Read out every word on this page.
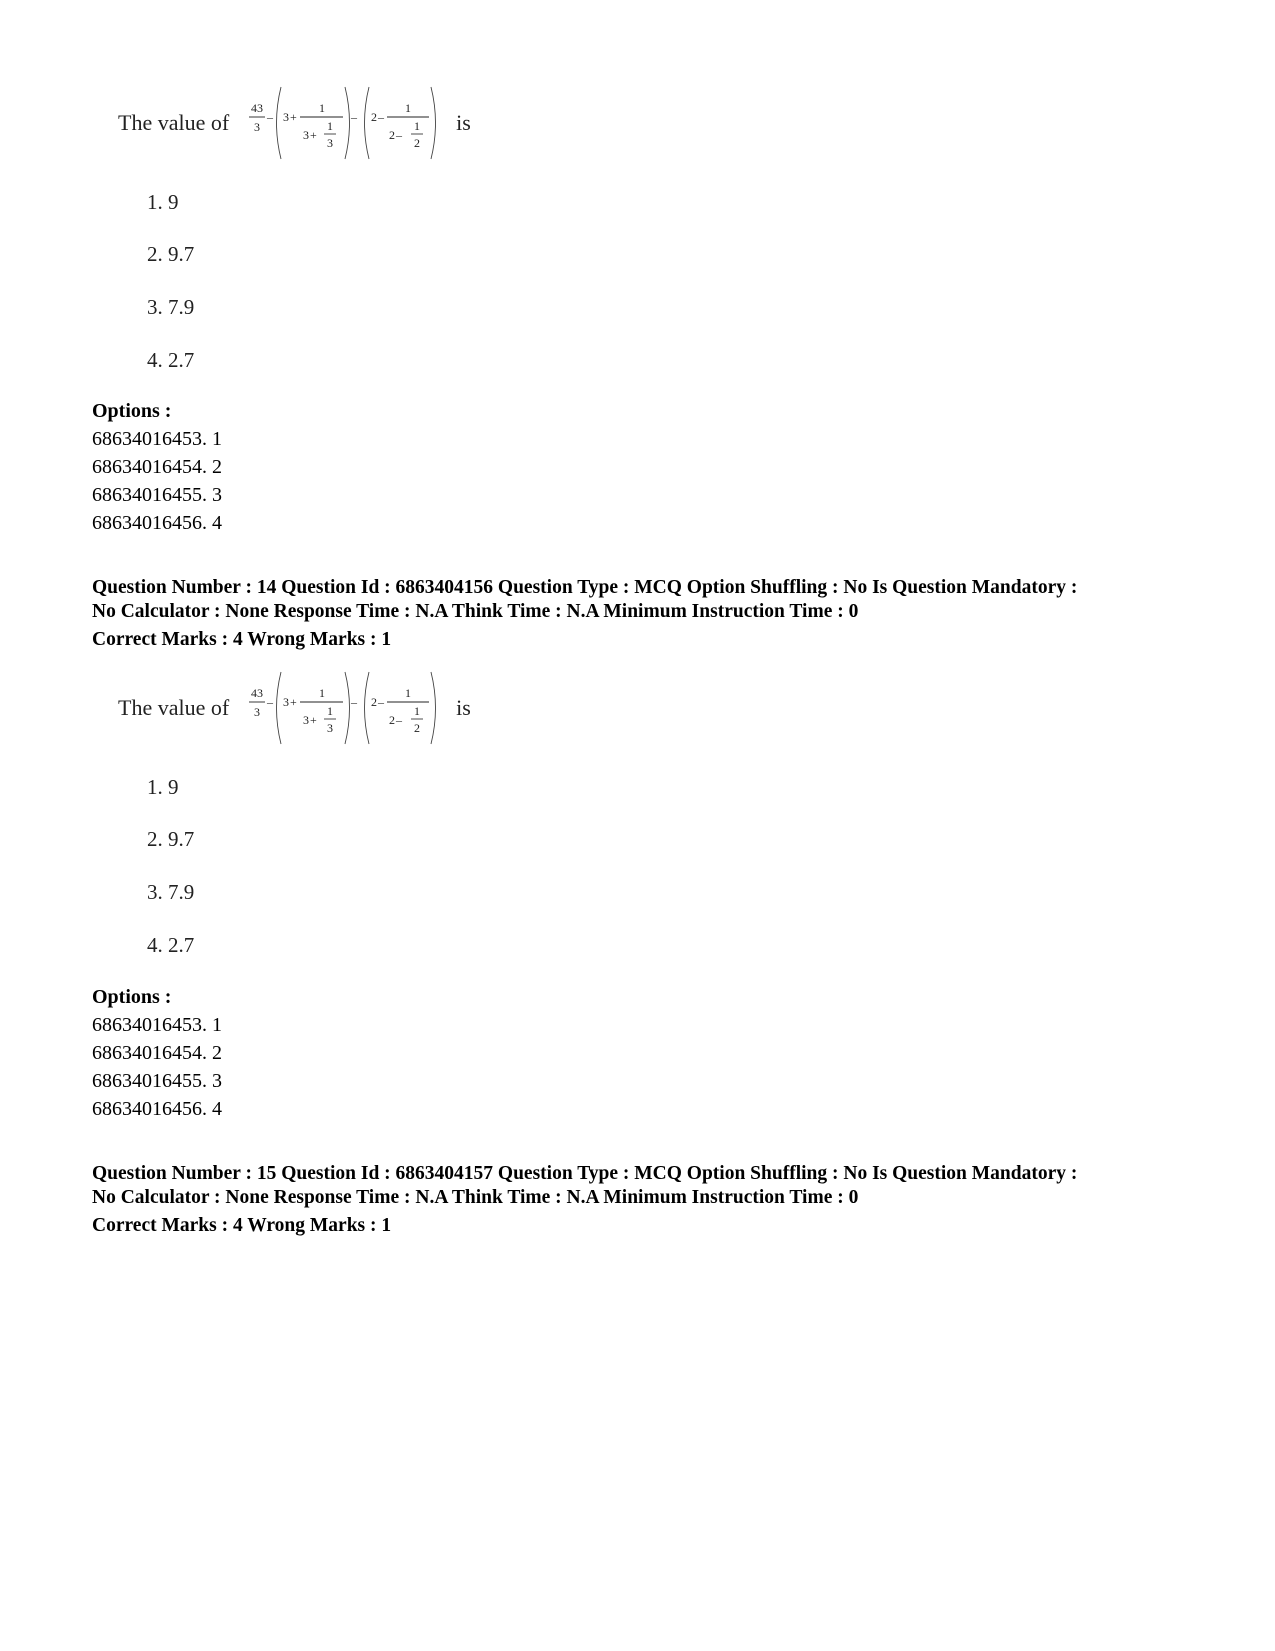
The value of
43
3
– 3 +
1
3 +
1
3
– 2 –
1
2 –
1
2
is
1. 9
2. 9.7
3. 7.9
4. 2.7
Options :
68634016453. 1
68634016454. 2
68634016455. 3
68634016456. 4
Question Number : 14 Question Id : 6863404156 Question Type : MCQ Option Shuffling : No Is Question Mandatory :
No Calculator : None Response Time : N.A Think Time : N.A Minimum Instruction Time : 0
Correct Marks : 4 Wrong Marks : 1
The value of
43
3
– 3 +
1
3 +
1
3
– 2 –
1
2 –
1
2
is
1. 9
2. 9.7
3. 7.9
4. 2.7
Options :
68634016453. 1
68634016454. 2
68634016455. 3
68634016456. 4
Question Number : 15 Question Id : 6863404157 Question Type : MCQ Option Shuffling : No Is Question Mandatory :
No Calculator : None Response Time : N.A Think Time : N.A Minimum Instruction Time : 0
Correct Marks : 4 Wrong Marks : 1
